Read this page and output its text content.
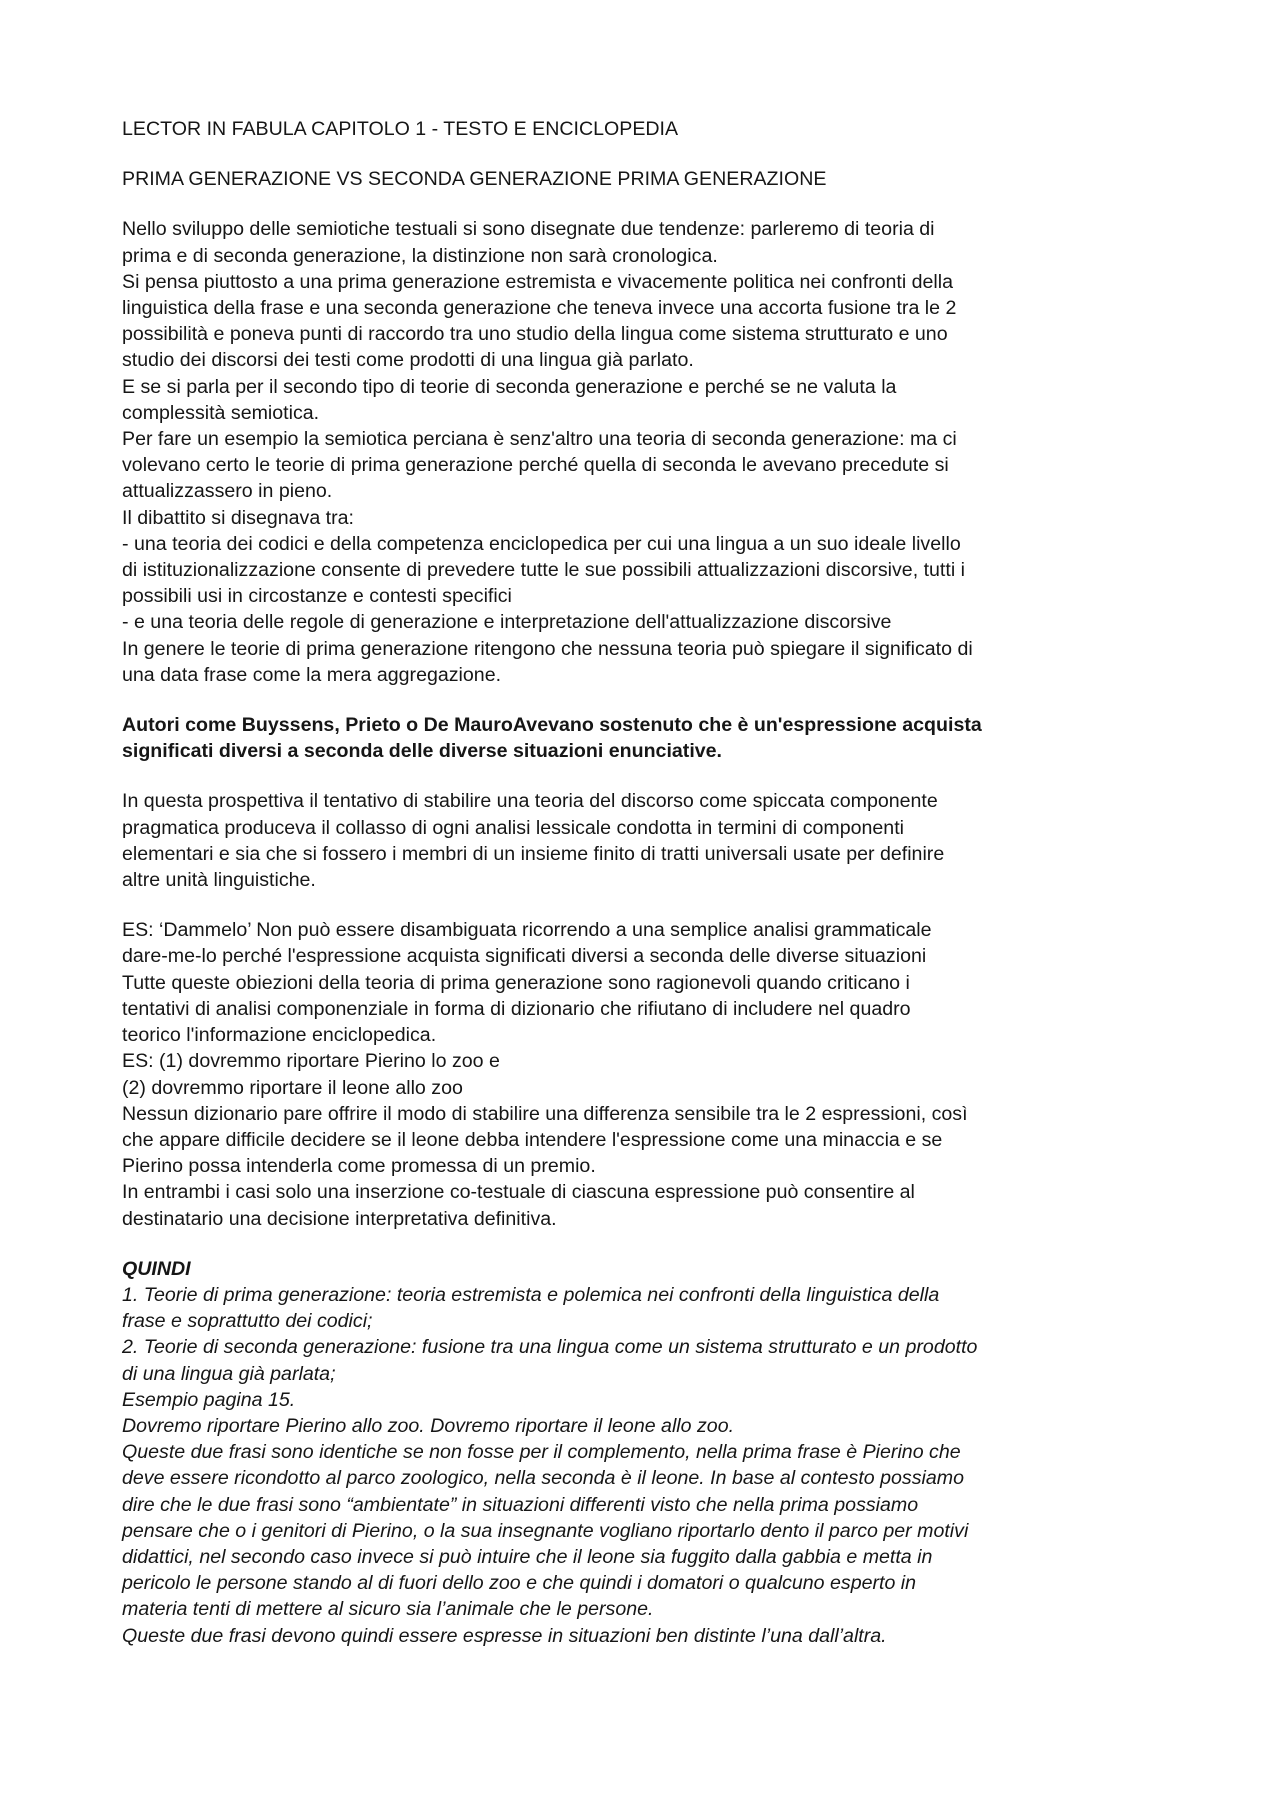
LECTOR IN FABULA CAPITOLO 1 - TESTO E ENCICLOPEDIA
PRIMA GENERAZIONE VS SECONDA GENERAZIONE PRIMA GENERAZIONE
Nello sviluppo delle semiotiche testuali si sono disegnate due tendenze: parleremo di teoria di
prima e di seconda generazione, la distinzione non sarà cronologica.
Si pensa piuttosto a una prima generazione estremista e vivacemente politica nei confronti della
linguistica della frase e una seconda generazione che teneva invece una accorta fusione tra le 2
possibilità e poneva punti di raccordo tra uno studio della lingua come sistema strutturato e uno
studio dei discorsi dei testi come prodotti di una lingua già parlato.
E se si parla per il secondo tipo di teorie di seconda generazione e perché se ne valuta la
complessità semiotica.
Per fare un esempio la semiotica perciana è senz'altro una teoria di seconda generazione: ma ci
volevano certo le teorie di prima generazione perché quella di seconda le avevano precedute si
attualizzassero in pieno.
Il dibattito si disegnava tra:
- una teoria dei codici e della competenza enciclopedica per cui una lingua a un suo ideale livello
di istituzionalizzazione consente di prevedere tutte le sue possibili attualizzazioni discorsive, tutti i
possibili usi in circostanze e contesti specifici
- e una teoria delle regole di generazione e interpretazione dell'attualizzazione discorsive
In genere le teorie di prima generazione ritengono che nessuna teoria può spiegare il significato di
una data frase come la mera aggregazione.
Autori come Buyssens, Prieto o De MauroAvevano sostenuto che è un'espressione acquista
significati diversi a seconda delle diverse situazioni enunciative.
In questa prospettiva il tentativo di stabilire una teoria del discorso come spiccata componente
pragmatica produceva il collasso di ogni analisi lessicale condotta in termini di componenti
elementari e sia che si fossero i membri di un insieme finito di tratti universali usate per definire
altre unità linguistiche.
ES: ‘Dammelo’ Non può essere disambiguata ricorrendo a una semplice analisi grammaticale
dare-me-lo perché l'espressione acquista significati diversi a seconda delle diverse situazioni
Tutte queste obiezioni della teoria di prima generazione sono ragionevoli quando criticano i
tentativi di analisi componenziale in forma di dizionario che rifiutano di includere nel quadro
teorico l'informazione enciclopedica.
ES: (1) dovremmo riportare Pierino lo zoo e
(2) dovremmo riportare il leone allo zoo
Nessun dizionario pare offrire il modo di stabilire una differenza sensibile tra le 2 espressioni, così
che appare difficile decidere se il leone debba intendere l'espressione come una minaccia e se
Pierino possa intenderla come promessa di un premio.
In entrambi i casi solo una inserzione co-testuale di ciascuna espressione può consentire al
destinatario una decisione interpretativa definitiva.
QUINDI
1. Teorie di prima generazione: teoria estremista e polemica nei confronti della linguistica della
frase e soprattutto dei codici;
2. Teorie di seconda generazione: fusione tra una lingua come un sistema strutturato e un prodotto
di una lingua già parlata;
Esempio pagina 15.
Dovremo riportare Pierino allo zoo. Dovremo riportare il leone allo zoo.
Queste due frasi sono identiche se non fosse per il complemento, nella prima frase è Pierino che
deve essere ricondotto al parco zoologico, nella seconda è il leone. In base al contesto possiamo
dire che le due frasi sono “ambientate” in situazioni differenti visto che nella prima possiamo
pensare che o i genitori di Pierino, o la sua insegnante vogliano riportarlo dento il parco per motivi
didattici, nel secondo caso invece si può intuire che il leone sia fuggito dalla gabbia e metta in
pericolo le persone stando al di fuori dello zoo e che quindi i domatori o qualcuno esperto in
materia tenti di mettere al sicuro sia l’animale che le persone.
Queste due frasi devono quindi essere espresse in situazioni ben distinte l’una dall’altra.
